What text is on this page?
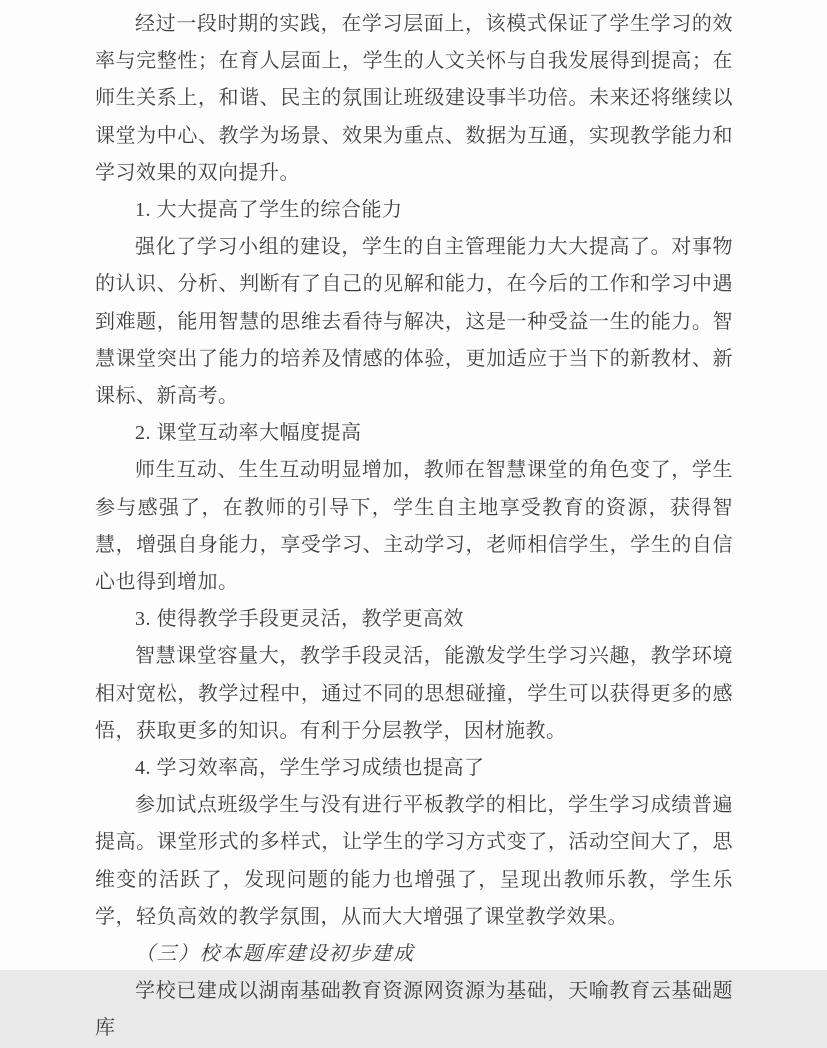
经过一段时期的实践，在学习层面上，该模式保证了学生学习的效率与完整性；在育人层面上，学生的人文关怀与自我发展得到提高；在师生关系上，和谐、民主的氛围让班级建设事半功倍。未来还将继续以课堂为中心、教学为场景、效果为重点、数据为互通，实现教学能力和学习效果的双向提升。

1. 大大提高了学生的综合能力

强化了学习小组的建设，学生的自主管理能力大大提高了。对事物的认识、分析、判断有了自己的见解和能力，在今后的工作和学习中遇到难题，能用智慧的思维去看待与解决，这是一种受益一生的能力。智慧课堂突出了能力的培养及情感的体验，更加适应于当下的新教材、新课标、新高考。

2. 课堂互动率大幅度提高

师生互动、生生互动明显增加，教师在智慧课堂的角色变了，学生参与感强了，在教师的引导下，学生自主地享受教育的资源，获得智慧，增强自身能力，享受学习、主动学习，老师相信学生，学生的自信心也得到增加。

3. 使得教学手段更灵活，教学更高效

智慧课堂容量大，教学手段灵活，能激发学生学习兴趣，教学环境相对宽松，教学过程中，通过不同的思想碰撞，学生可以获得更多的感悟，获取更多的知识。有利于分层教学，因材施教。

4. 学习效率高，学生学习成绩也提高了

参加试点班级学生与没有进行平板教学的相比，学生学习成绩普遍提高。课堂形式的多样式，让学生的学习方式变了，活动空间大了，思维变的活跃了，发现问题的能力也增强了，呈现出教师乐教，学生乐学，轻负高效的教学氛围，从而大大增强了课堂教学效果。

（三）校本题库建设初步建成

学校已建成以湖南基础教育资源网资源为基础，天喻教育云基础题库
